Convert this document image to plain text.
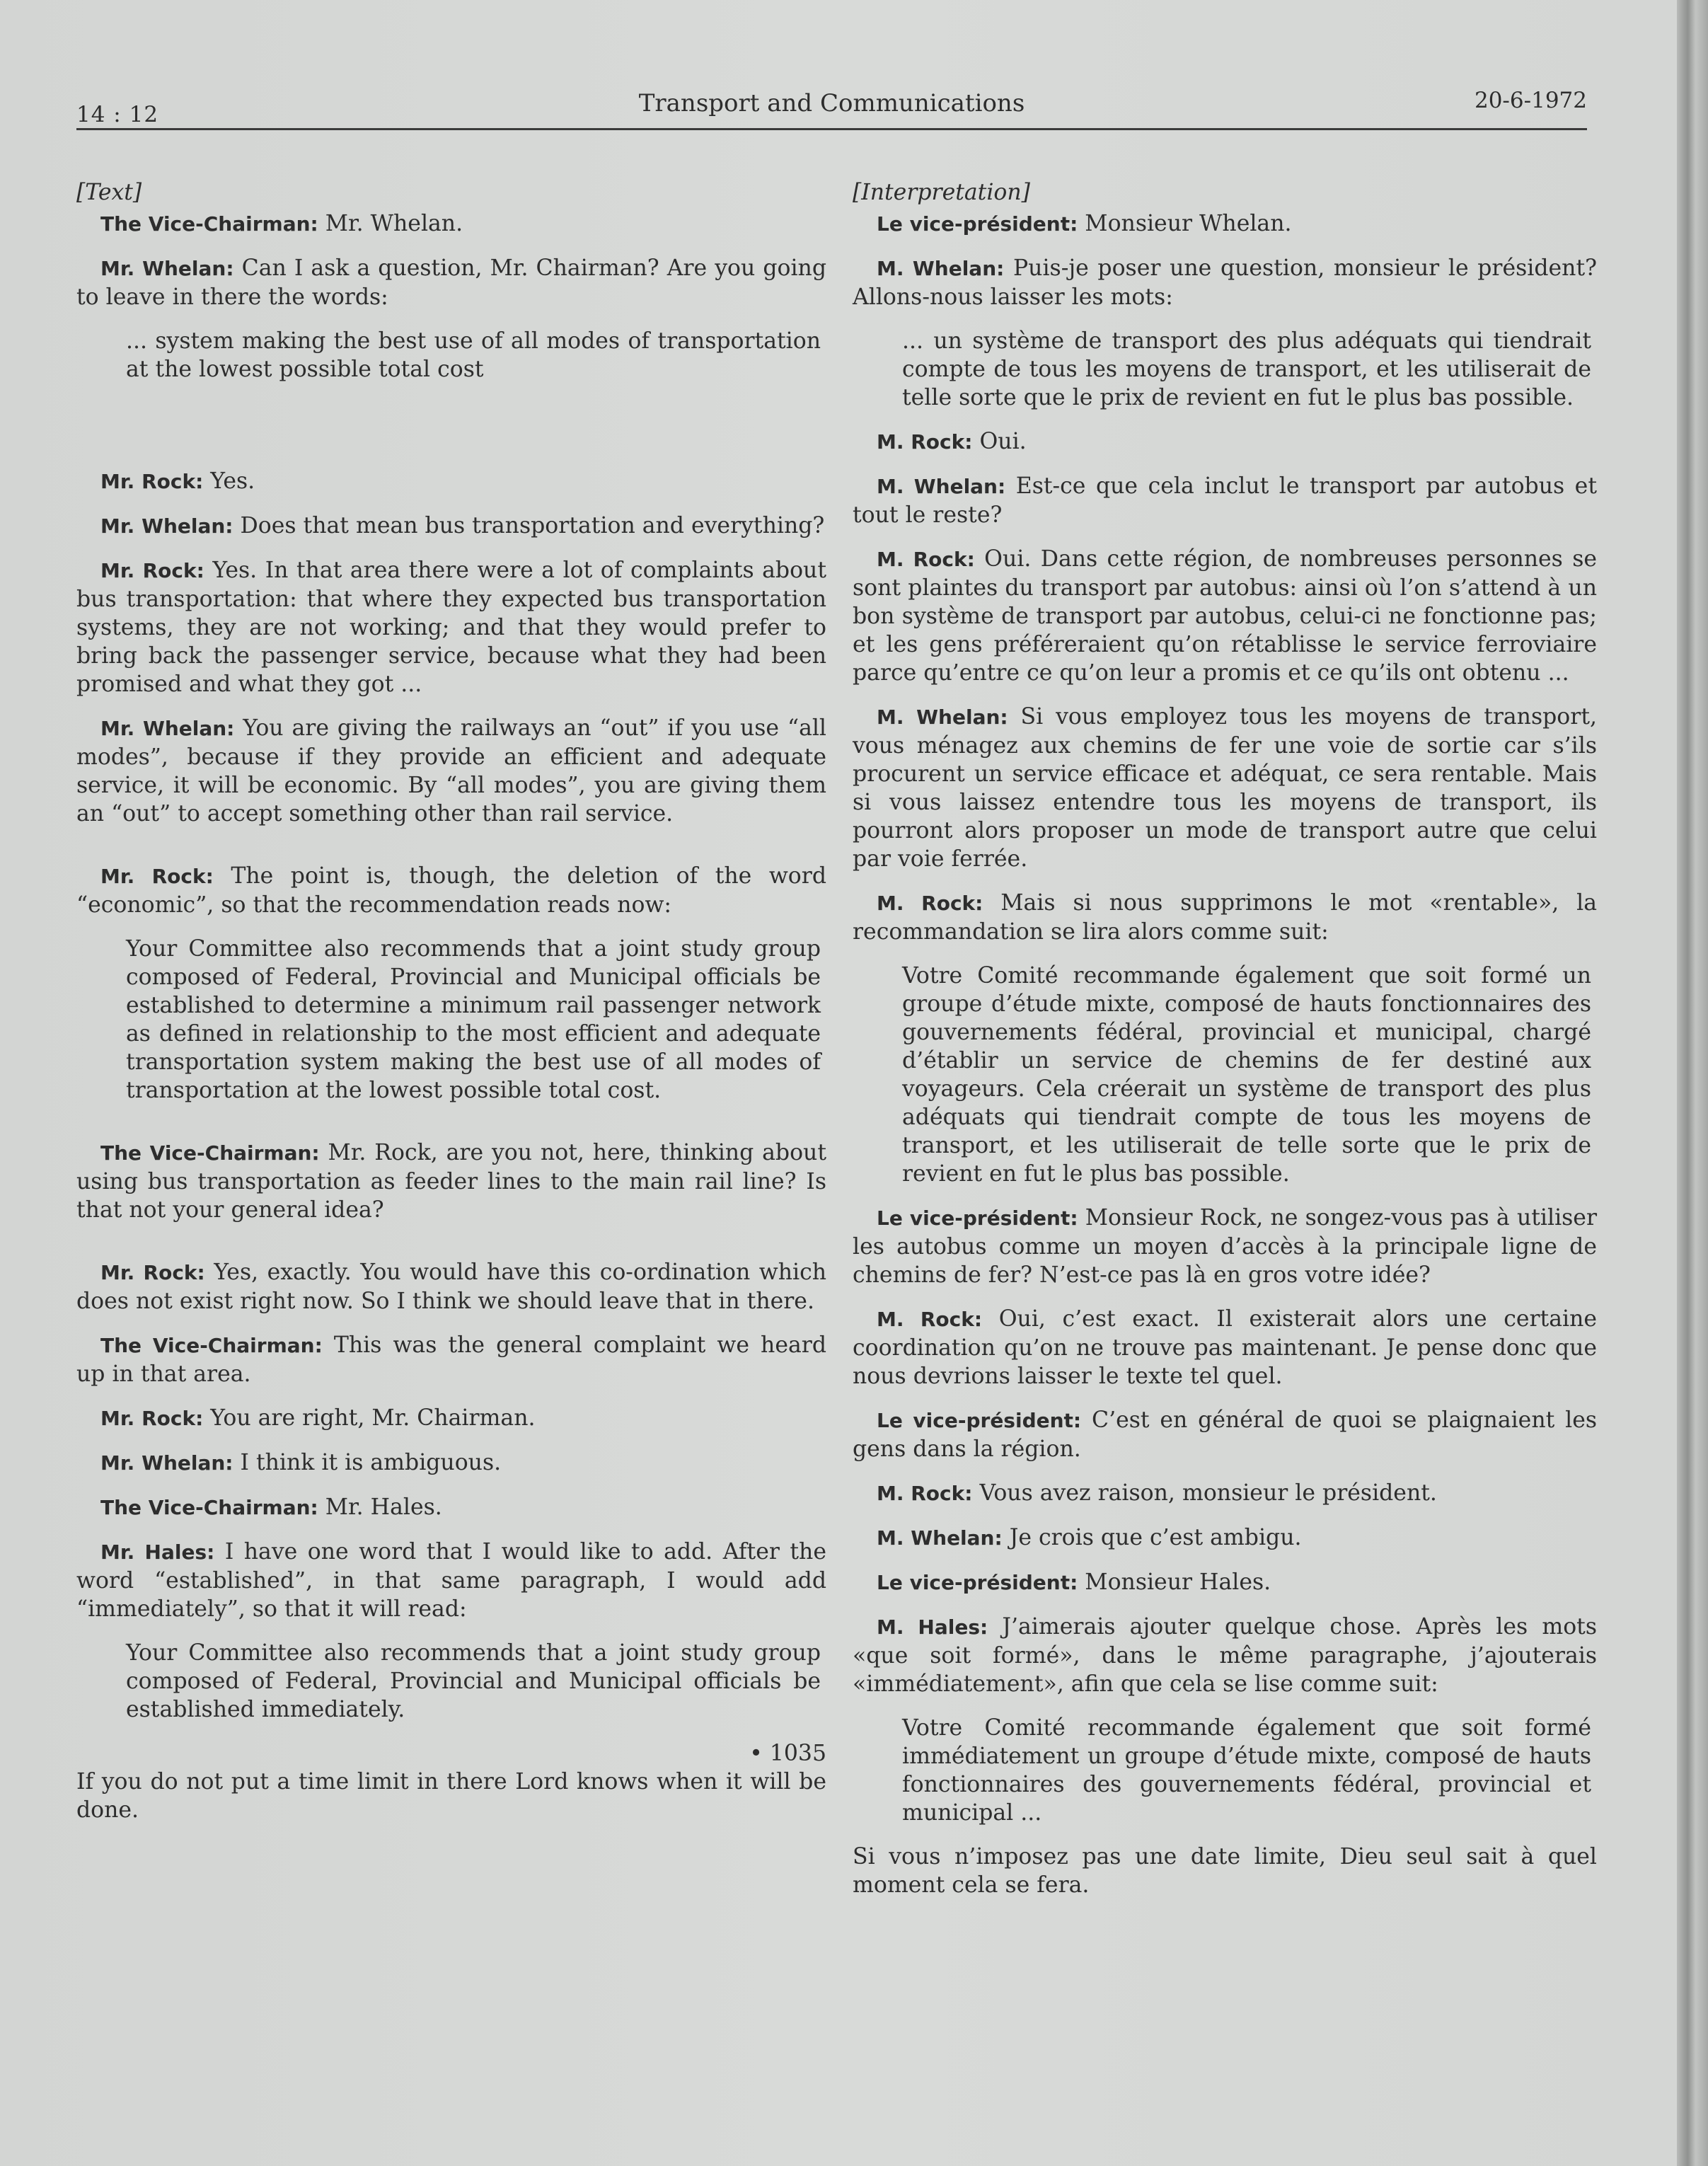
14 : 12	Transport and Communications	20-6-1972

[Text]

The Vice-Chairman: Mr. Whelan.

Mr. Whelan: Can I ask a question, Mr. Chairman? Are you going to leave in there the words:

... system making the best use of all modes of transportation at the lowest possible total cost

Mr. Rock: Yes.

Mr. Whelan: Does that mean bus transportation and everything?

Mr. Rock: Yes. In that area there were a lot of complaints about bus transportation: that where they expected bus transportation systems, they are not working; and that they would prefer to bring back the passenger service, because what they had been promised and what they got ...

Mr. Whelan: You are giving the railways an “out” if you use “all modes”, because if they provide an efficient and adequate service, it will be economic. By “all modes”, you are giving them an “out” to accept something other than rail service.

Mr. Rock: The point is, though, the deletion of the word “economic”, so that the recommendation reads now:

Your Committee also recommends that a joint study group composed of Federal, Provincial and Municipal officials be established to determine a minimum rail passenger network as defined in relationship to the most efficient and adequate transportation system making the best use of all modes of transportation at the lowest possible total cost.

The Vice-Chairman: Mr. Rock, are you not, here, thinking about using bus transportation as feeder lines to the main rail line? Is that not your general idea?

Mr. Rock: Yes, exactly. You would have this co-ordination which does not exist right now. So I think we should leave that in there.

The Vice-Chairman: This was the general complaint we heard up in that area.

Mr. Rock: You are right, Mr. Chairman.

Mr. Whelan: I think it is ambiguous.

The Vice-Chairman: Mr. Hales.

Mr. Hales: I have one word that I would like to add. After the word “established”, in that same paragraph, I would add “immediately”, so that it will read:

Your Committee also recommends that a joint study group composed of Federal, Provincial and Municipal officials be established immediately.

• 1035

If you do not put a time limit in there Lord knows when it will be done.

[Interpretation]

Le vice-président: Monsieur Whelan.

M. Whelan: Puis-je poser une question, monsieur le président? Allons-nous laisser les mots:

... un système de transport des plus adéquats qui tiendrait compte de tous les moyens de transport, et les utiliserait de telle sorte que le prix de revient en fut le plus bas possible.

M. Rock: Oui.

M. Whelan: Est-ce que cela inclut le transport par autobus et tout le reste?

M. Rock: Oui. Dans cette région, de nombreuses personnes se sont plaintes du transport par autobus: ainsi où l’on s’attend à un bon système de transport par autobus, celui-ci ne fonctionne pas; et les gens préféreraient qu’on rétablisse le service ferroviaire parce qu’entre ce qu’on leur a promis et ce qu’ils ont obtenu ...

M. Whelan: Si vous employez tous les moyens de transport, vous ménagez aux chemins de fer une voie de sortie car s’ils procurent un service efficace et adéquat, ce sera rentable. Mais si vous laissez entendre tous les moyens de transport, ils pourront alors proposer un mode de transport autre que celui par voie ferrée.

M. Rock: Mais si nous supprimons le mot «rentable», la recommandation se lira alors comme suit:

Votre Comité recommande également que soit formé un groupe d’étude mixte, composé de hauts fonctionnaires des gouvernements fédéral, provincial et municipal, chargé d’établir un service de chemins de fer destiné aux voyageurs. Cela créerait un système de transport des plus adéquats qui tiendrait compte de tous les moyens de transport, et les utiliserait de telle sorte que le prix de revient en fut le plus bas possible.

Le vice-président: Monsieur Rock, ne songez-vous pas à utiliser les autobus comme un moyen d’accès à la principale ligne de chemins de fer? N’est-ce pas là en gros votre idée?

M. Rock: Oui, c’est exact. Il existerait alors une certaine coordination qu’on ne trouve pas maintenant. Je pense donc que nous devrions laisser le texte tel quel.

Le vice-président: C’est en général de quoi se plaignaient les gens dans la région.

M. Rock: Vous avez raison, monsieur le président.

M. Whelan: Je crois que c’est ambigu.

Le vice-président: Monsieur Hales.

M. Hales: J’aimerais ajouter quelque chose. Après les mots «que soit formé», dans le même paragraphe, j’ajouterais «immédiatement», afin que cela se lise comme suit:

Votre Comité recommande également que soit formé immédiatement un groupe d’étude mixte, composé de hauts fonctionnaires des gouvernements fédéral, provincial et municipal ...

Si vous n’imposez pas une date limite, Dieu seul sait à quel moment cela se fera.
